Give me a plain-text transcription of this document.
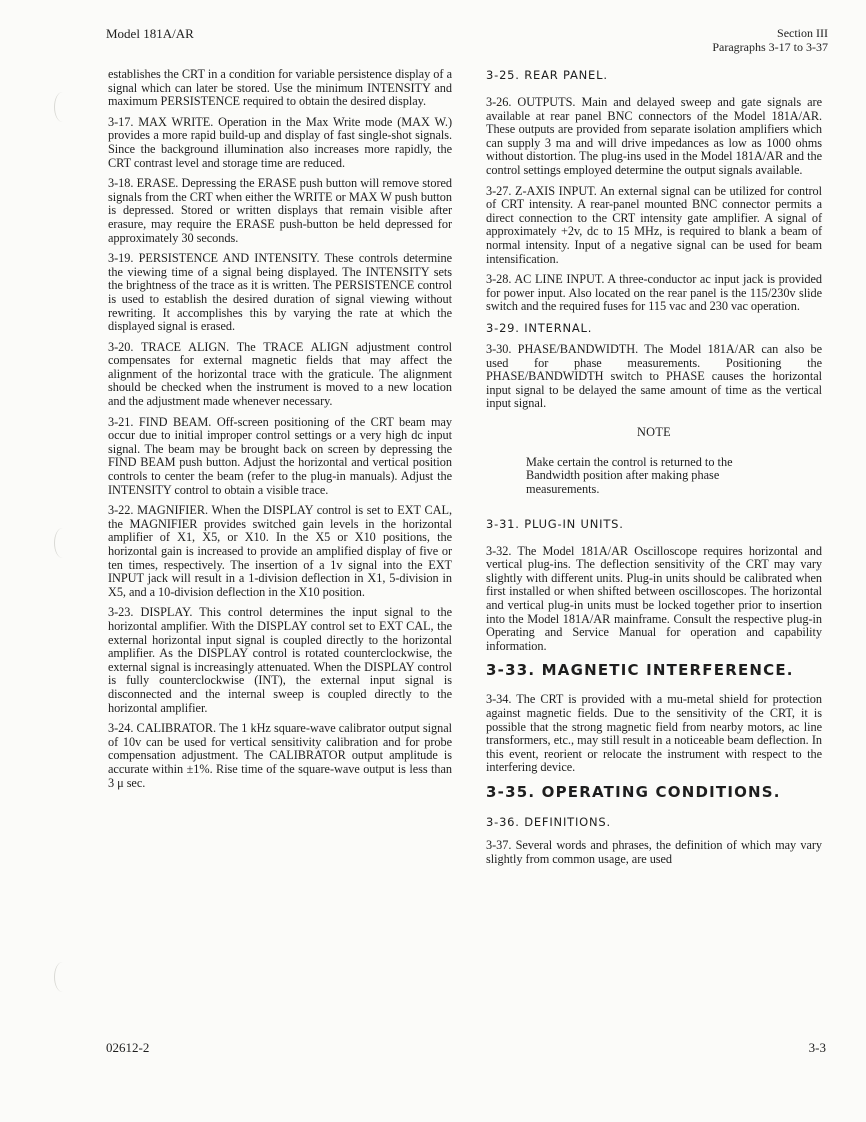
Model 181A/AR	Section III
Paragraphs 3-17 to 3-37

establishes the CRT in a condition for variable persistence display of a signal which can later be stored. Use the minimum INTENSITY and maximum PERSISTENCE required to obtain the desired display.

3-17. MAX WRITE. Operation in the Max Write mode (MAX W.) provides a more rapid build-up and display of fast single-shot signals. Since the background illumination also increases more rapidly, the CRT contrast level and storage time are reduced.

3-18. ERASE. Depressing the ERASE push button will remove stored signals from the CRT when either the WRITE or MAX W push button is depressed. Stored or written displays that remain visible after erasure, may require the ERASE push-button be held depressed for approximately 30 seconds.

3-19. PERSISTENCE AND INTENSITY. These controls determine the viewing time of a signal being displayed. The INTENSITY sets the brightness of the trace as it is written. The PERSISTENCE control is used to establish the desired duration of signal viewing without rewriting. It accomplishes this by varying the rate at which the displayed signal is erased.

3-20. TRACE ALIGN. The TRACE ALIGN adjustment control compensates for external magnetic fields that may affect the alignment of the horizontal trace with the graticule. The alignment should be checked when the instrument is moved to a new location and the adjustment made whenever necessary.

3-21. FIND BEAM. Off-screen positioning of the CRT beam may occur due to initial improper control settings or a very high dc input signal. The beam may be brought back on screen by depressing the FIND BEAM push button. Adjust the horizontal and vertical position controls to center the beam (refer to the plug-in manuals). Adjust the INTENSITY control to obtain a visible trace.

3-22. MAGNIFIER. When the DISPLAY control is set to EXT CAL, the MAGNIFIER provides switched gain levels in the horizontal amplifier of X1, X5, or X10. In the X5 or X10 positions, the horizontal gain is increased to provide an amplified display of five or ten times, respectively. The insertion of a 1v signal into the EXT INPUT jack will result in a 1-division deflection in X1, 5-division in X5, and a 10-division deflection in the X10 position.

3-23. DISPLAY. This control determines the input signal to the horizontal amplifier. With the DISPLAY control set to EXT CAL, the external horizontal input signal is coupled directly to the horizontal amplifier. As the DISPLAY control is rotated counterclockwise, the external signal is increasingly attenuated. When the DISPLAY control is fully counterclockwise (INT), the external input signal is disconnected and the internal sweep is coupled directly to the horizontal amplifier.

3-24. CALIBRATOR. The 1 kHz square-wave calibrator output signal of 10v can be used for vertical sensitivity calibration and for probe compensation adjustment. The CALIBRATOR output amplitude is accurate within ±1%. Rise time of the square-wave output is less than 3 μ sec.

3-25. REAR PANEL.

3-26. OUTPUTS. Main and delayed sweep and gate signals are available at rear panel BNC connectors of the Model 181A/AR. These outputs are provided from separate isolation amplifiers which can supply 3 ma and will drive impedances as low as 1000 ohms without distortion. The plug-ins used in the Model 181A/AR and the control settings employed determine the output signals available.

3-27. Z-AXIS INPUT. An external signal can be utilized for control of CRT intensity. A rear-panel mounted BNC connector permits a direct connection to the CRT intensity gate amplifier. A signal of approximately +2v, dc to 15 MHz, is required to blank a beam of normal intensity. Input of a negative signal can be used for beam intensification.

3-28. AC LINE INPUT. A three-conductor ac input jack is provided for power input. Also located on the rear panel is the 115/230v slide switch and the required fuses for 115 vac and 230 vac operation.

3-29. INTERNAL.

3-30. PHASE/BANDWIDTH. The Model 181A/AR can also be used for phase measurements. Positioning the PHASE/BANDWIDTH switch to PHASE causes the horizontal input signal to be delayed the same amount of time as the vertical input signal.

NOTE
Make certain the control is returned to the Bandwidth position after making phase measurements.
3-31. PLUG-IN UNITS.

3-32. The Model 181A/AR Oscilloscope requires horizontal and vertical plug-ins. The deflection sensitivity of the CRT may vary slightly with different units. Plug-in units should be calibrated when first installed or when shifted between oscilloscopes. The horizontal and vertical plug-in units must be locked together prior to insertion into the Model 181A/AR mainframe. Consult the respective plug-in Operating and Service Manual for operation and capability information.

3-33. MAGNETIC INTERFERENCE.

3-34. The CRT is provided with a mu-metal shield for protection against magnetic fields. Due to the sensitivity of the CRT, it is possible that the strong magnetic field from nearby motors, ac line transformers, etc., may still result in a noticeable beam deflection. In this event, reorient or relocate the instrument with respect to the interfering device.

3-35. OPERATING CONDITIONS.
3-36. DEFINITIONS.

3-37. Several words and phrases, the definition of which may vary slightly from common usage, are used

02612-2	3-3
